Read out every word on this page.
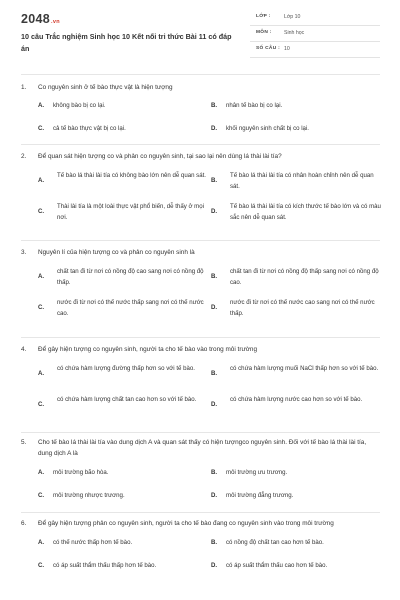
2048.vn
10 câu Trắc nghiệm Sinh học 10 Kết nối tri thức Bài 11 có đáp án
LỚP :	Lớp 10
MÔN : Sinh học
SỐ CÂU : 10
1. Co nguyên sinh ở tế bào thực vật là hiện tượng
A. không bào bị co lại.	B. nhân tế bào bị co lại.
C. cả tế bào thực vật bị co lại.	D. khối nguyên sinh chất bị co lại.
2. Để quan sát hiện tượng co và phản co nguyên sinh, tại sao lại nên dùng lá thài lài tía?
A.
Tế bào lá thài lài tía có không bào lớn nên dễ quan sát.
B.
Tế bào lá thài lài tía có nhân hoàn chỉnh nên dễ quan sát.
C.
Thài lài tía là một loài thực vật phổ biến, dễ thấy ở mọi nơi.
D.
Tế bào lá thài lài tía có kích thước tế bào lớn và có màu sắc nên dễ quan sát.
3. Nguyên lí của hiện tượng co và phản co nguyên sinh là
A.
chất tan đi từ nơi có nồng độ cao sang nơi có nồng độ thấp.
B.
chất tan đi từ nơi có nồng độ thấp sang nơi có nồng độ cao.
C.
nước đi từ nơi có thế nước thấp sang nơi có thế nước cao.
D.
nước đi từ nơi có thế nước cao sang nơi có thế nước thấp.
4. Để gây hiện tượng co nguyên sinh, người ta cho tế bào vào trong môi trường
A.
có chứa hàm lượng đường thấp hơn so với tế bào.
B.
có chứa hàm lượng muối NaCl thấp hơn so với tế bào.
C.
có chứa hàm lượng chất tan cao hơn so với tế bào.
D.
có chứa hàm lượng nước cao hơn so với tế bào.
5. Cho tế bào lá thài lài tía vào dung dịch A và quan sát thấy có hiện tượngco nguyên sinh. Đối với tế bào lá thài lài tía, dung dịch A là
A. môi trường bão hòa.	B. môi trường ưu trương.
C. môi trường nhược trương.	D. môi trường đẳng trương.
6. Để gây hiện tượng phản co nguyên sinh, người ta cho tế bào đang co nguyên sinh vào trong môi trường
A. có thế nước thấp hơn tế bào.	B. có nồng độ chất tan cao hơn tế bào.
C. có áp suất thẩm thấu thấp hơn tế bào.	D. có áp suất thẩm thấu cao hơn tế bào.
